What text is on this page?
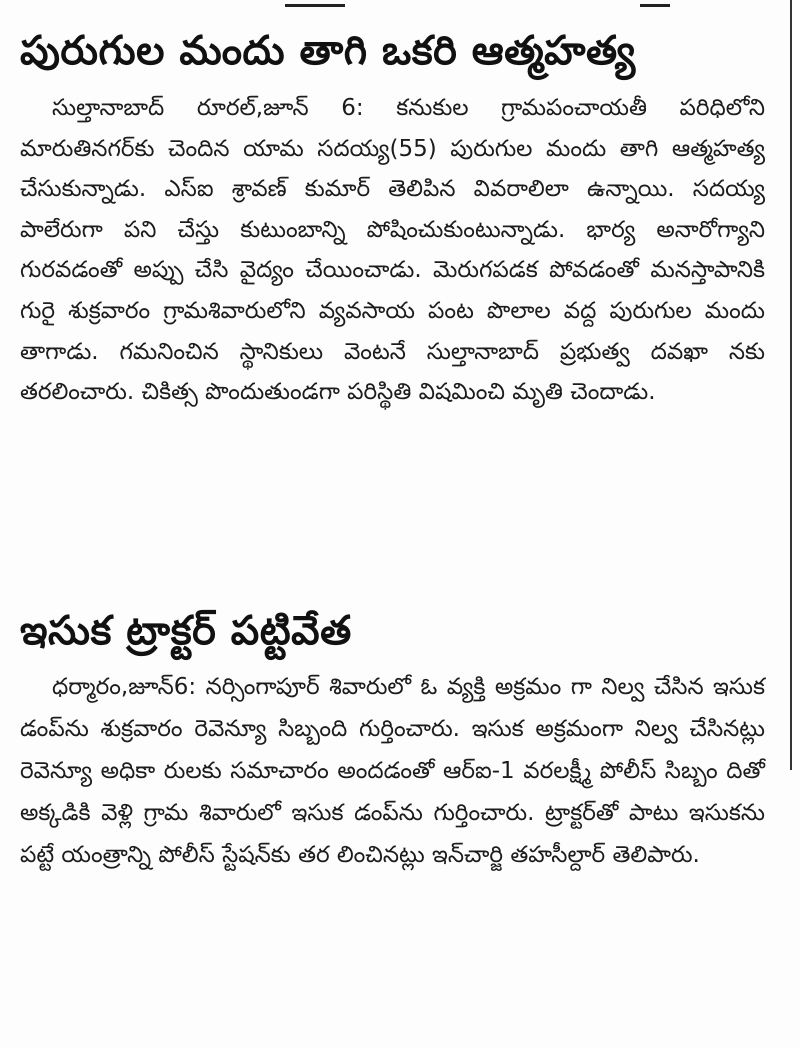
పురుగుల మందు తాగి ఒకరి ఆత్మహత్య

సుల్తానాబాద్ రూరల్,జూన్ 6: కనుకుల గ్రామపంచాయతీ పరిధిలోని మారుతినగర్‌కు చెందిన యామ సదయ్య(55) పురుగుల మందు తాగి ఆత్మహత్య చేసుకున్నాడు. ఎస్ఐ శ్రావణ్ కుమార్ తెలిపిన వివరాలిలా ఉన్నాయి. సదయ్య పాలేరుగా పని చేస్తు కుటుంబాన్ని పోషించుకుంటున్నాడు. భార్య అనారోగ్యాని గురవడంతో అప్పు చేసి వైద్యం చేయించాడు. మెరుగపడక పోవడంతో మనస్తాపానికి గురై శుక్రవారం గ్రామశివారులోని వ్యవసాయ పంట పొలాల వద్ద పురుగుల మందు తాగాడు. గమనించిన స్థానికులు వెంటనే సుల్తానాబాద్ ప్రభుత్వ దవఖా నకు తరలించారు. చికిత్స పొందుతుండగా పరిస్థితి విషమించి మృతి చెందాడు.

ఇసుక ట్రాక్టర్ పట్టివేత

ధర్మారం,జూన్6: నర్సింగాపూర్ శివారులో ఓ వ్యక్తి అక్రమం గా నిల్వ చేసిన ఇసుక డంప్‌ను శుక్రవారం రెవెన్యూ సిబ్బంది గుర్తించారు. ఇసుక అక్రమంగా నిల్వ చేసినట్లు రెవెన్యూ అధికా రులకు సమాచారం అందడంతో ఆర్ఐ-1 వరలక్ష్మీ పోలీస్ సిబ్బం దితో అక్కడికి వెళ్లి గ్రామ శివారులో ఇసుక డంప్‌ను గుర్తించారు. ట్రాక్టర్‌తో పాటు ఇసుకను పట్టే యంత్రాన్ని పోలీస్ స్టేషన్‌కు తర లించినట్లు ఇన్‌చార్జి తహసీల్దార్ తెలిపారు.
